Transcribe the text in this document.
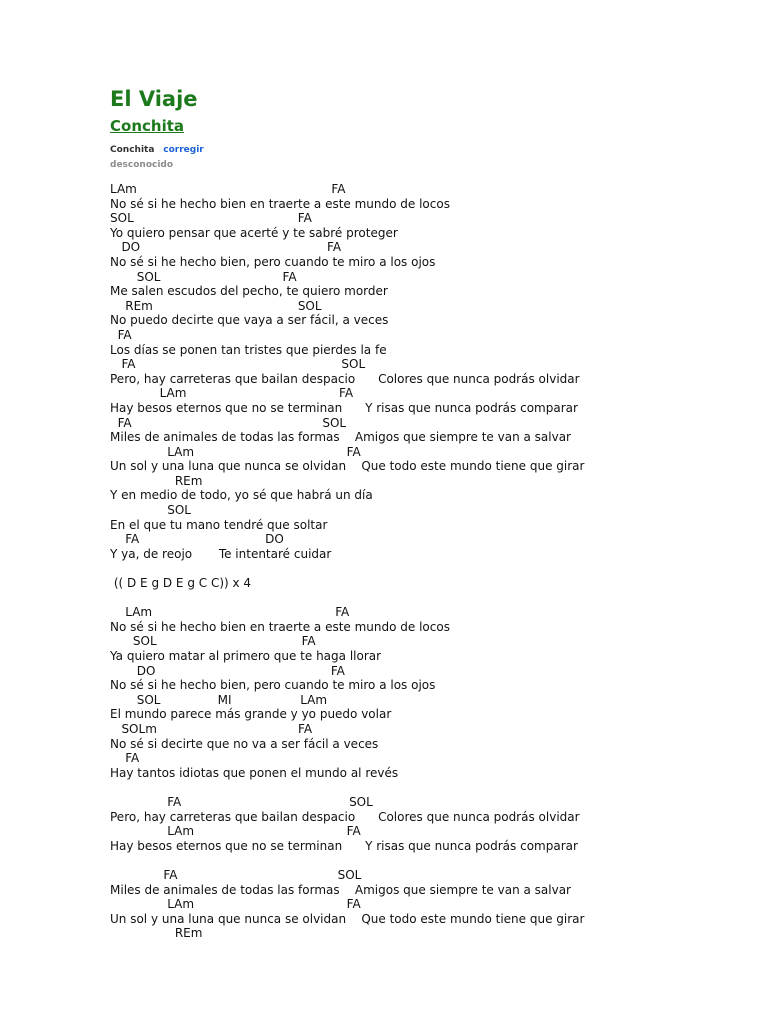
El Viaje
Conchita
Conchita corregir
desconocido
LAm                                                   FA
No sé si he hecho bien en traerte a este mundo de locos
SOL                                           FA
Yo quiero pensar que acerté y te sabré proteger
DO                                                 FA
No sé si he hecho bien, pero cuando te miro a los ojos
SOL                                FA
Me salen escudos del pecho, te quiero morder
REm                                      SOL
No puedo decirte que vaya a ser fácil, a veces
FA
Los días se ponen tan tristes que pierdes la fe
FA                                                      SOL
Pero, hay carreteras que bailan despacio      Colores que nunca podrás olvidar
LAm                                        FA
Hay besos eternos que no se terminan      Y risas que nunca podrás comparar
FA                                                  SOL
Miles de animales de todas las formas    Amigos que siempre te van a salvar
LAm                                        FA
Un sol y una luna que nunca se olvidan    Que todo este mundo tiene que girar
REm
Y en medio de todo, yo sé que habrá un día
SOL
En el que tu mano tendré que soltar
FA                                 DO
Y ya, de reojo       Te intentaré cuidar
(( D E g D E g C C)) x 4
LAm                                                FA
No sé si he hecho bien en traerte a este mundo de locos
SOL                                      FA
Ya quiero matar al primero que te haga llorar
DO                                              FA
No sé si he hecho bien, pero cuando te miro a los ojos
SOL               MI                  LAm
El mundo parece más grande y yo puedo volar
SOLm                                     FA
No sé si decirte que no va a ser fácil a veces
FA
Hay tantos idiotas que ponen el mundo al revés
FA                                            SOL
Pero, hay carreteras que bailan despacio      Colores que nunca podrás olvidar
LAm                                        FA
Hay besos eternos que no se terminan      Y risas que nunca podrás comparar
FA                                          SOL
Miles de animales de todas las formas    Amigos que siempre te van a salvar
LAm                                        FA
Un sol y una luna que nunca se olvidan    Que todo este mundo tiene que girar
REm
